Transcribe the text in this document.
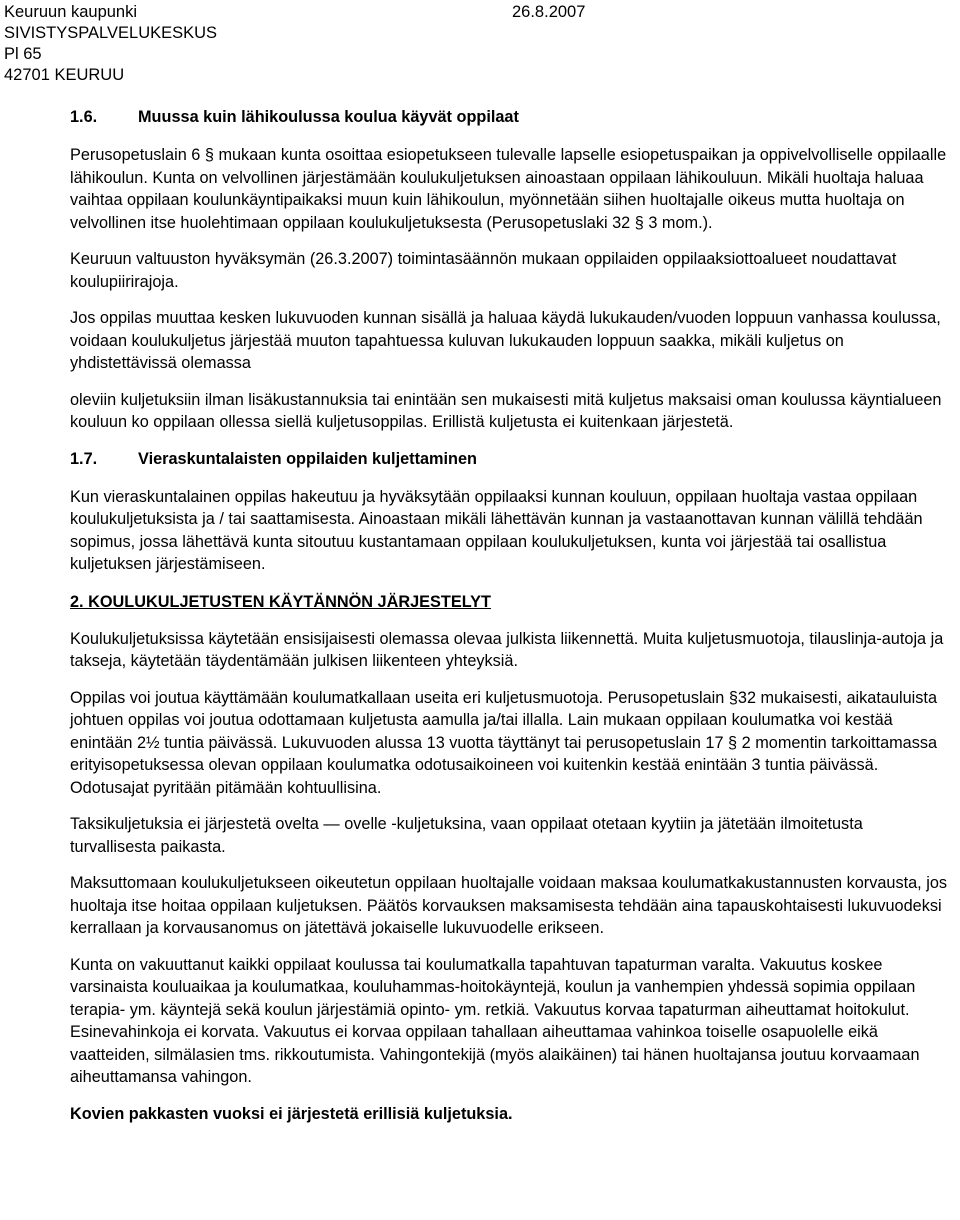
Keuruun kaupunki
SIVISTYSPALVELUKESKUS
Pl 65
42701 KEURUU
26.8.2007
1.6.	Muussa kuin lähikoulussa koulua käyvät oppilaat

Perusopetuslain 6 § mukaan kunta osoittaa esiopetukseen tulevalle lapselle esiopetuspaikan ja oppivelvolliselle oppilaalle lähikoulun. Kunta on velvollinen järjestämään koulukuljetuksen ainoastaan oppilaan lähikouluun. Mikäli huoltaja haluaa vaihtaa oppilaan koulunkäyntipaikaksi muun kuin lähikoulun, myönnetään siihen huoltajalle oikeus mutta huoltaja on velvollinen itse huolehtimaan oppilaan koulukuljetuksesta (Perusopetuslaki 32 § 3 mom.).

Keuruun valtuuston hyväksymän (26.3.2007) toimintasäännön mukaan oppilaiden oppilaaksiottoalueet noudattavat koulupiirirajoja.

Jos oppilas muuttaa kesken lukuvuoden kunnan sisällä ja haluaa käydä lukukauden/vuoden loppuun vanhassa koulussa, voidaan koulukuljetus järjestää muuton tapahtuessa kuluvan lukukauden loppuun saakka, mikäli kuljetus on yhdistettävissä olemassa

oleviin kuljetuksiin ilman lisäkustannuksia tai enintään sen mukaisesti mitä kuljetus maksaisi oman koulussa käyntialueen kouluun ko oppilaan ollessa siellä kuljetusoppilas. Erillistä kuljetusta ei kuitenkaan järjestetä.

1.7.	Vieraskuntalaisten oppilaiden kuljettaminen

Kun vieraskuntalainen oppilas hakeutuu ja hyväksytään oppilaaksi kunnan kouluun, oppilaan huoltaja vastaa oppilaan koulukuljetuksista ja / tai saattamisesta. Ainoastaan mikäli lähettävän kunnan ja vastaanottavan kunnan välillä tehdään sopimus, jossa lähettävä kunta sitoutuu kustantamaan oppilaan koulukuljetuksen, kunta voi järjestää tai osallistua kuljetuksen järjestämiseen.

2. KOULUKULJETUSTEN KÄYTÄNNÖN JÄRJESTELYT

Koulukuljetuksissa käytetään ensisijaisesti olemassa olevaa julkista liikennettä. Muita kuljetusmuotoja, tilauslinja-autoja ja takseja, käytetään täydentämään julkisen liikenteen yhteyksiä.

Oppilas voi joutua käyttämään koulumatkallaan useita eri kuljetusmuotoja. Perusopetuslain §32 mukaisesti, aikatauluista johtuen oppilas voi joutua odottamaan kuljetusta aamulla ja/tai illalla. Lain mukaan oppilaan koulumatka voi kestää enintään 2½ tuntia päivässä. Lukuvuoden alussa 13 vuotta täyttänyt tai perusopetuslain 17 § 2 momentin tarkoittamassa erityisopetuksessa olevan oppilaan koulumatka odotusaikoineen voi kuitenkin kestää enintään 3 tuntia päivässä. Odotusajat pyritään pitämään kohtuullisina.

Taksikuljetuksia ei järjestetä ovelta — ovelle -kuljetuksina, vaan oppilaat otetaan kyytiin ja jätetään ilmoitetusta turvallisesta paikasta.

Maksuttomaan koulukuljetukseen oikeutetun oppilaan huoltajalle voidaan maksaa koulumatkakustannusten korvausta, jos huoltaja itse hoitaa oppilaan kuljetuksen. Päätös korvauksen maksamisesta tehdään aina tapauskohtaisesti lukuvuodeksi kerrallaan ja korvausanomus on jätettävä jokaiselle lukuvuodelle erikseen.

Kunta on vakuuttanut kaikki oppilaat koulussa tai koulumatkalla tapahtuvan tapaturman varalta. Vakuutus koskee varsinaista kouluaikaa ja koulumatkaa, kouluhammas-hoitokäyntejä, koulun ja vanhempien yhdessä sopimia oppilaan terapia- ym. käyntejä sekä koulun järjestämiä opinto- ym. retkiä. Vakuutus korvaa tapaturman aiheuttamat hoitokulut. Esinevahinkoja ei korvata. Vakuutus ei korvaa oppilaan tahallaan aiheuttamaa vahinkoa toiselle osapuolelle eikä vaatteiden, silmälasien tms. rikkoutumista. Vahingontekijä (myös alaikäinen) tai hänen huoltajansa joutuu korvaamaan aiheuttamansa vahingon.

Kovien pakkasten vuoksi ei järjestetä erillisiä kuljetuksia.
